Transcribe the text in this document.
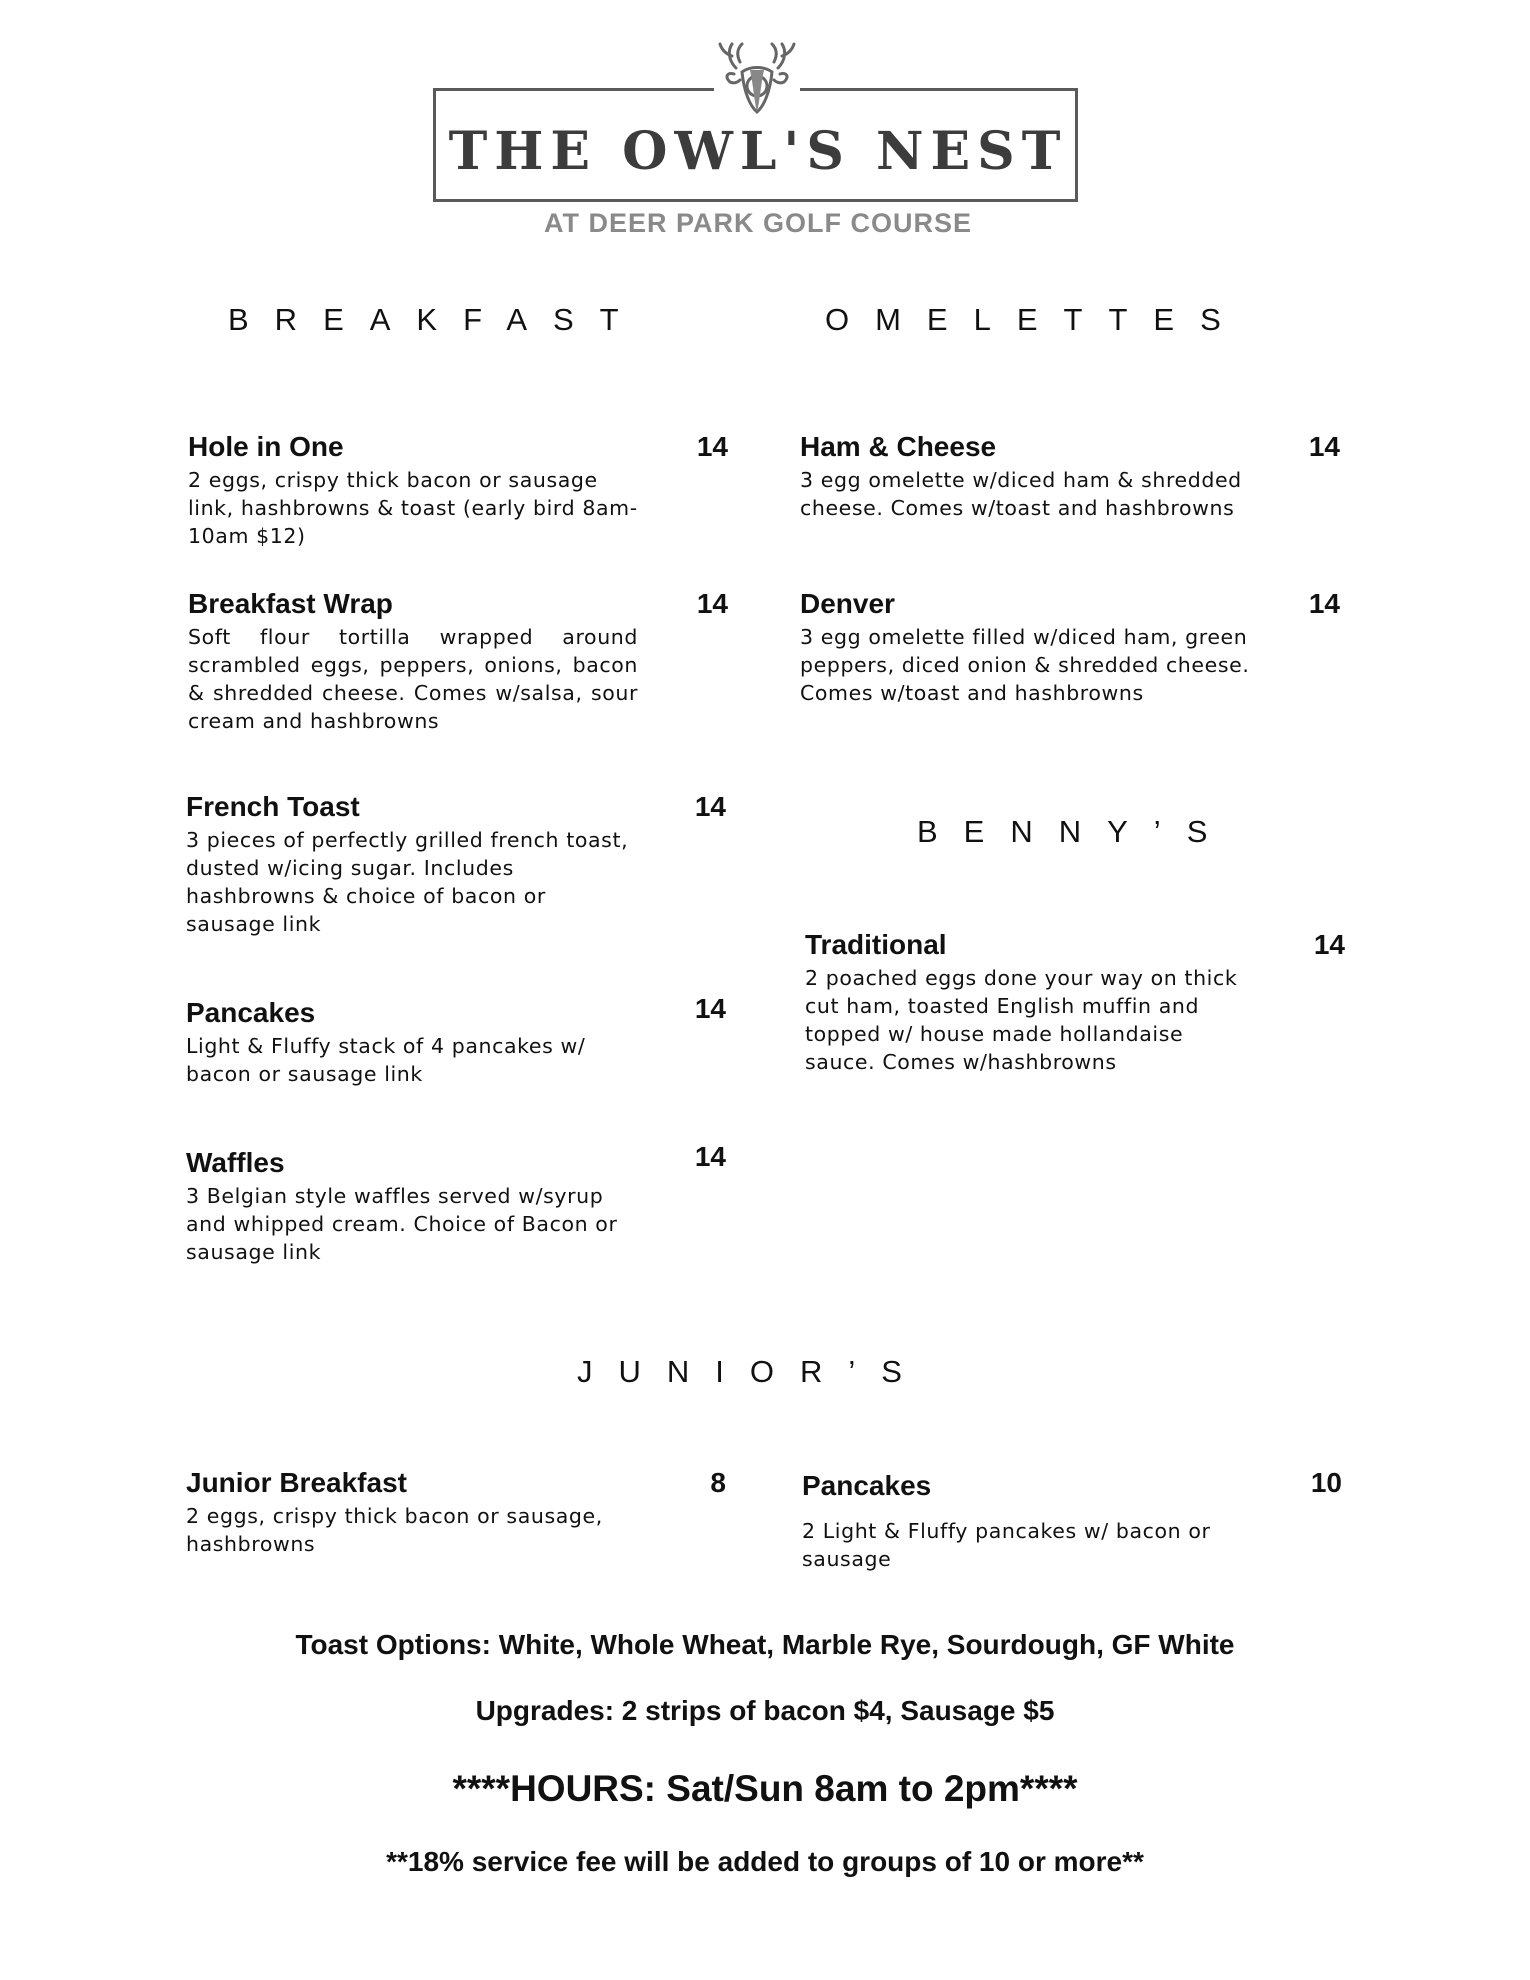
THE OWL'S NEST
AT DEER PARK GOLF COURSE
BREAKFAST	OMELETTES
BENNY’S
JUNIOR’S
Hole in One
2 eggs, crispy thick bacon or sausage link, hashbrowns & toast (early bird 8am-10am $12)
14
Breakfast Wrap
Soft flour tortilla wrapped around scrambled eggs, peppers, onions, bacon & shredded cheese. Comes w/salsa, sour cream and hashbrowns
14
French Toast
3 pieces of perfectly grilled french toast, dusted w/icing sugar. Includes hashbrowns & choice of bacon or sausage link
14
Pancakes
Light & Fluffy stack of 4 pancakes w/ bacon or sausage link
14
Waffles
3 Belgian style waffles served w/syrup and whipped cream. Choice of Bacon or sausage link
14
Ham & Cheese
3 egg omelette w/diced ham & shredded cheese. Comes w/toast and hashbrowns
14
Denver
3 egg omelette filled w/diced ham, green peppers, diced onion & shredded cheese. Comes w/toast and hashbrowns
14
Traditional
2 poached eggs done your way on thick cut ham, toasted English muffin and topped w/ house made hollandaise sauce. Comes w/hashbrowns
14
Junior Breakfast
2 eggs, crispy thick bacon or sausage, hashbrowns
8	Pancakes
2 Light & Fluffy pancakes w/ bacon or sausage
10
Toast Options: White, Whole Wheat, Marble Rye, Sourdough, GF White
Upgrades: 2 strips of bacon $4, Sausage $5
****HOURS: Sat/Sun 8am to 2pm****
**18% service fee will be added to groups of 10 or more**
